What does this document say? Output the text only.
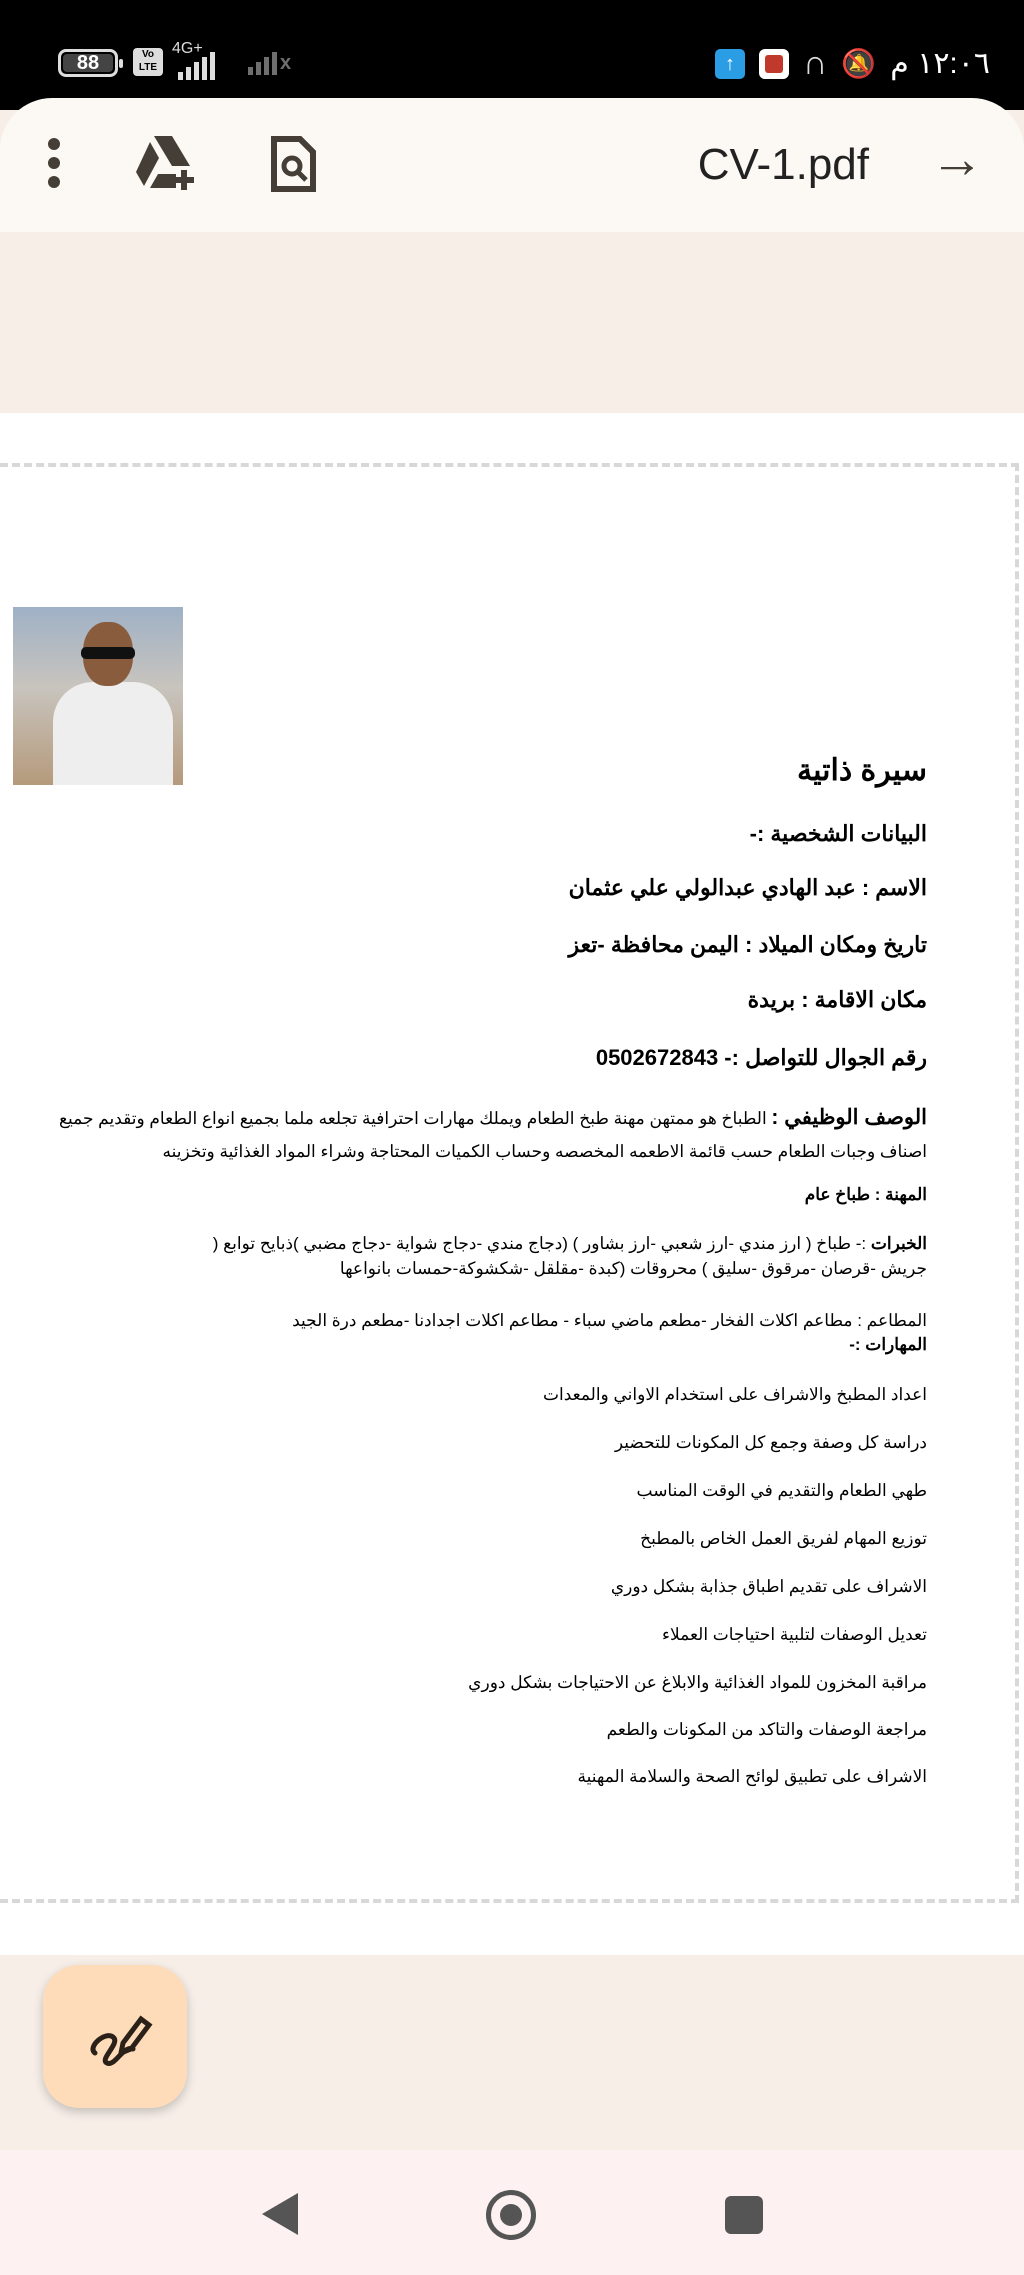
88	Vo LTE
4G+
x	↑ ∩ 🔕 ١٢:٠٦ م
CV-1.pdf →
سيرة ذاتية
البيانات الشخصية :-
الاسم : عبد الهادي عبدالولي علي عثمان
تاريخ ومكان الميلاد : اليمن محافظة -تعز
مكان الاقامة : بريدة
رقم الجوال للتواصل :- 0502672843
الوصف الوظيفي : الطباخ هو ممتهن مهنة طبخ الطعام ويملك مهارات احترافية تجلعه ملما بجميع انواع الطعام وتقديم جميع اصناف وجبات الطعام حسب قائمة الاطعمه المخصصه وحساب الكميات المحتاجة وشراء المواد الغذائية وتخزينه
المهنة : طباخ عام
الخبرات :- طباخ ( ارز مندي -ارز شعبي -ارز بشاور ) (دجاج مندي -دجاج شواية -دجاج مضبي )ذبايح توابع ( جريش -قرصان -مرقوق -سليق ) محروقات (كبدة -مقلقل -شكشوكة-حمسات بانواعها
المطاعم : مطاعم اكلات الفخار -مطعم ماضي سباء - مطاعم اكلات اجدادنا -مطعم درة الجيد
المهارات :-
اعداد المطبخ والاشراف على استخدام الاواني والمعدات
دراسة كل وصفة وجمع كل المكونات للتحضير
طهي الطعام والتقديم في الوقت المناسب
توزيع المهام لفريق العمل الخاص بالمطبخ
الاشراف على تقديم اطباق جذابة بشكل دوري
تعديل الوصفات لتلبية احتياجات العملاء
مراقبة المخزون للمواد الغذائية والابلاغ عن الاحتياجات بشكل دوري
مراجعة الوصفات والتاكد من المكونات والطعم
الاشراف على تطبيق لوائح الصحة والسلامة المهنية
